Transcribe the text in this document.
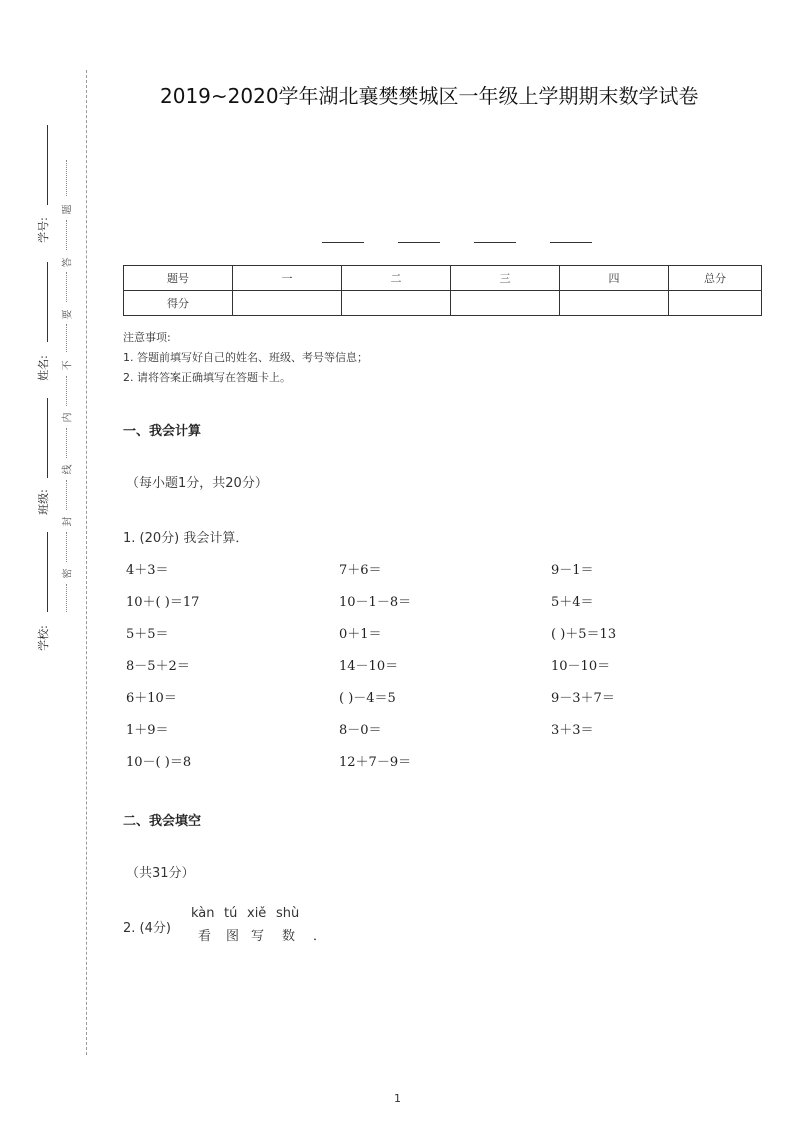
学号:
姓名:
班级:
学校:
题
答
要
不
内
线
封
密
2019~2020学年湖北襄樊樊城区一年级上学期期末数学试卷
题号	一	二	三	四	总分
得分					
注意事项:
1. 答题前填写好自己的姓名、班级、考号等信息；
2. 请将答案正确填写在答题卡上。
一、我会计算
（每小题1分，共20分）
1. (20分) 我会计算．
4＋3＝	7＋6＝	9－1＝
10＋( )＝17	10－1－8＝	5＋4＝
5＋5＝	0＋1＝	( )＋5＝13
8－5＋2＝	14－10＝	10－10＝
6＋10＝	( )－4＝5	9－3＋7＝
1＋9＝	8－0＝	3＋3＝
10－( )＝8	12＋7－9＝
二、我会填空
（共31分）
2. (4分)
kàn tú xiě shù
看 图 写 数 ．
1
